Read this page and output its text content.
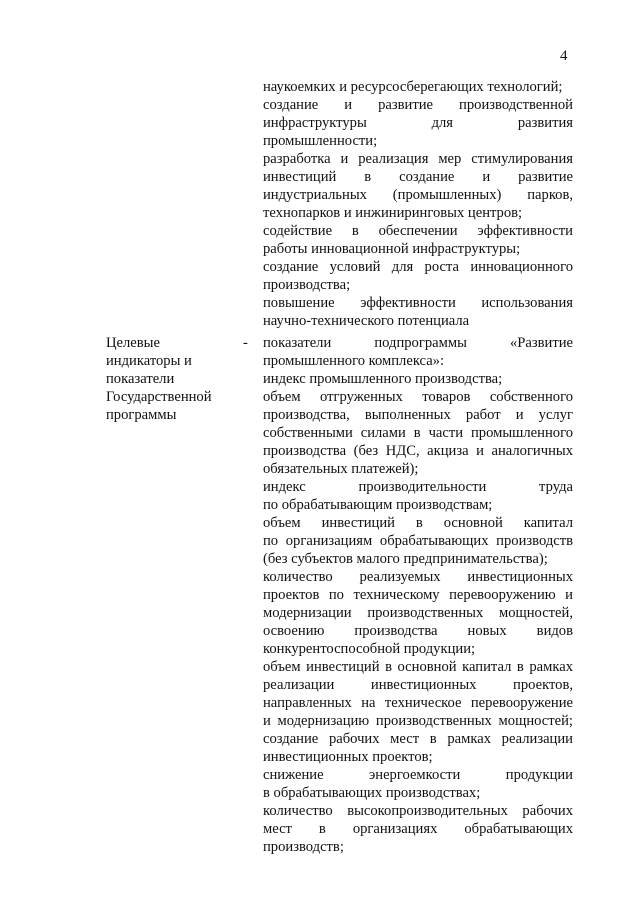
4
наукоемких и ресурсосберегающих технологий;
создание и развитие производственной
инфраструктуры для развития
промышленности;
разработка и реализация мер стимулирования
инвестиций в создание и развитие
индустриальных (промышленных) парков,
технопарков и инжиниринговых центров;
содействие в обеспечении эффективности
работы инновационной инфраструктуры;
создание условий для роста инновационного
производства;
повышение эффективности использования
научно-технического потенциала
Целевые
индикаторы и
показатели
Государственной
программы
- показатели подпрограммы «Развитие
промышленного комплекса»:
индекс промышленного производства;
объем отгруженных товаров собственного
производства, выполненных работ и услуг
собственными силами в части промышленного
производства (без НДС, акциза и аналогичных
обязательных платежей);
индекс производительности труда
по обрабатывающим производствам;
объем инвестиций в основной капитал
по организациям обрабатывающих производств
(без субъектов малого предпринимательства);
количество реализуемых инвестиционных
проектов по техническому перевооружению и
модернизации производственных мощностей,
освоению производства новых видов
конкурентоспособной продукции;
объем инвестиций в основной капитал в рамках
реализации инвестиционных проектов,
направленных на техническое перевооружение
и модернизацию производственных мощностей;
создание рабочих мест в рамках реализации
инвестиционных проектов;
снижение энергоемкости продукции
в обрабатывающих производствах;
количество высокопроизводительных рабочих
мест в организациях обрабатывающих
производств;
